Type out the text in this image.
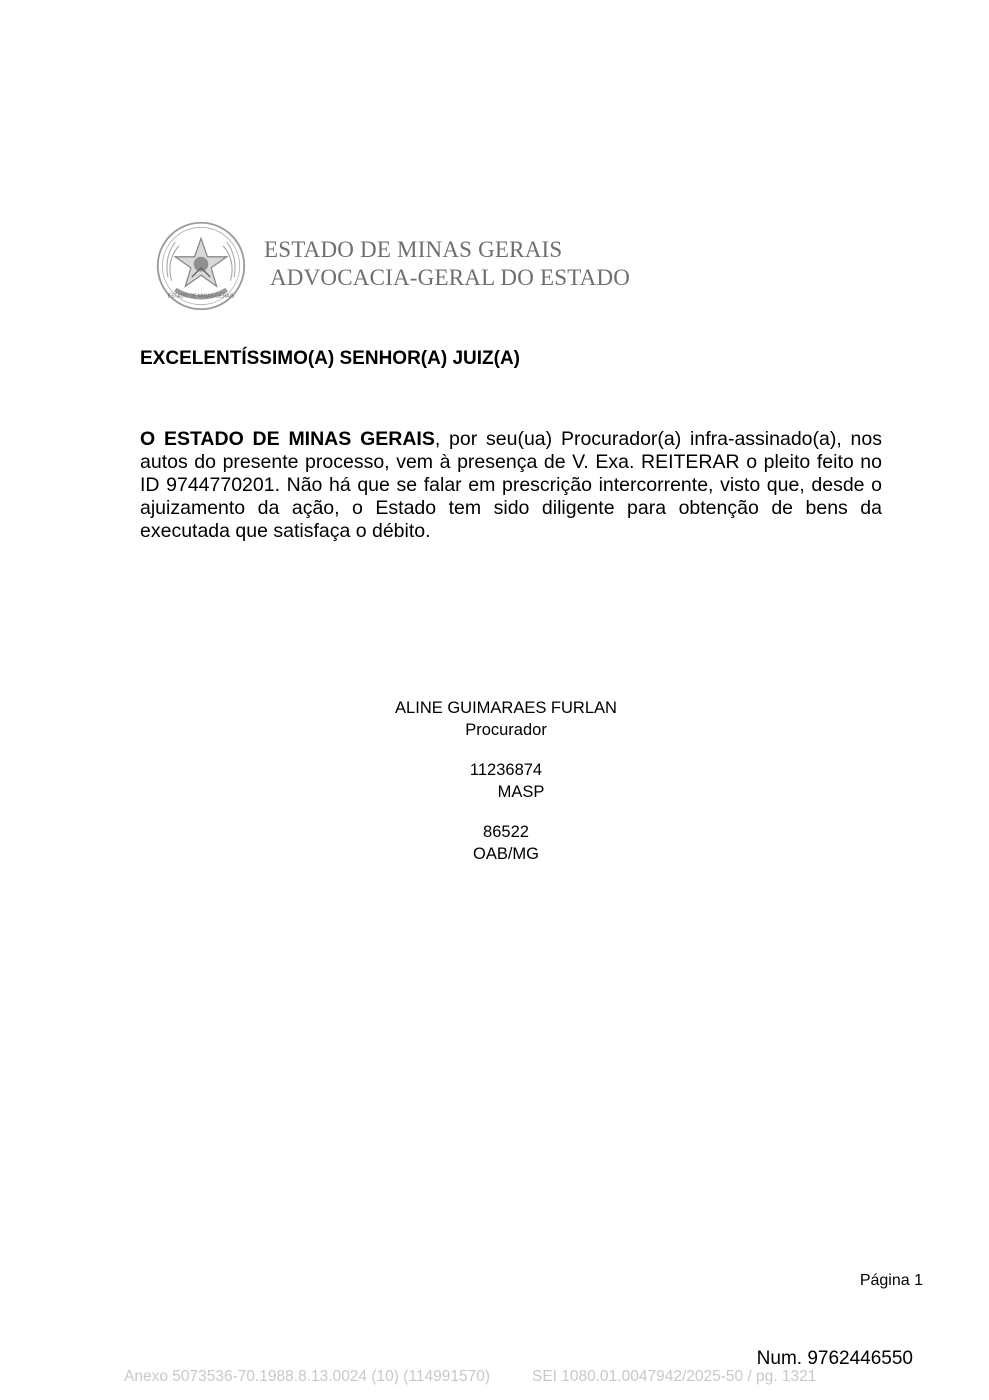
ESTADO DE MINAS GERAIS
ESTADO DE MINAS GERAIS
ADVOCACIA-GERAL DO ESTADO
EXCELENTÍSSIMO(A) SENHOR(A) JUIZ(A)
O ESTADO DE MINAS GERAIS, por seu(ua) Procurador(a) infra-assinado(a), nos autos do presente processo, vem à presença de V. Exa. REITERAR o pleito feito no ID 9744770201. Não há que se falar em prescrição intercorrente, visto que, desde o ajuizamento da ação, o Estado tem sido diligente para obtenção de bens da executada que satisfaça o débito.
ALINE GUIMARAES FURLAN
Procurador
11236874
MASP
86522
OAB/MG
Página 1
Num. 9762446550
Anexo 5073536-70.1988.8.13.0024 (10) (114991570)	SEI 1080.01.0047942/2025-50 / pg. 1321
